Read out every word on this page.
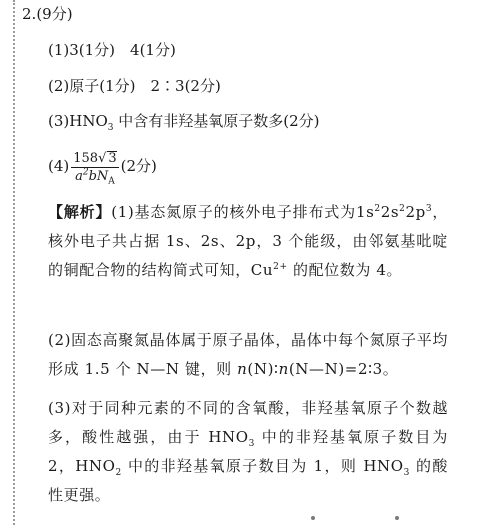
2.(9分)
(1)3(1分)　4(1分)
(2)原子(1分)　2∶3(2分)
$(3)HNO_3$ 中含有非羟基氧原子数多(2分)
$(4) \frac{158√ 3}{a^2bN_A} (2$分)
【解析】(1)基态氮原子的核外电子排布式为$1s^22s^22p^3$，核外电子共占据 1s、2s、2p，3 个能级，由邻氨基吡啶的铜配合物的结构简式可知，$Cu^{2+}$ 的配位数为 4。
(2)固态高聚氮晶体属于原子晶体，晶体中每个氮原子平均形成 1.5 个 N—N 键，则 n(N)∶n(N—N)=2∶3。
(3)对于同种元素的不同的含氧酸，非羟基氧原子个数越多，酸性越强，由于 $HNO_3$ 中的非羟基氧原子数目为 2，$HNO_2$ 中的非羟基氧原子数目为 1，则 $HNO_3$ 的酸性更强。
